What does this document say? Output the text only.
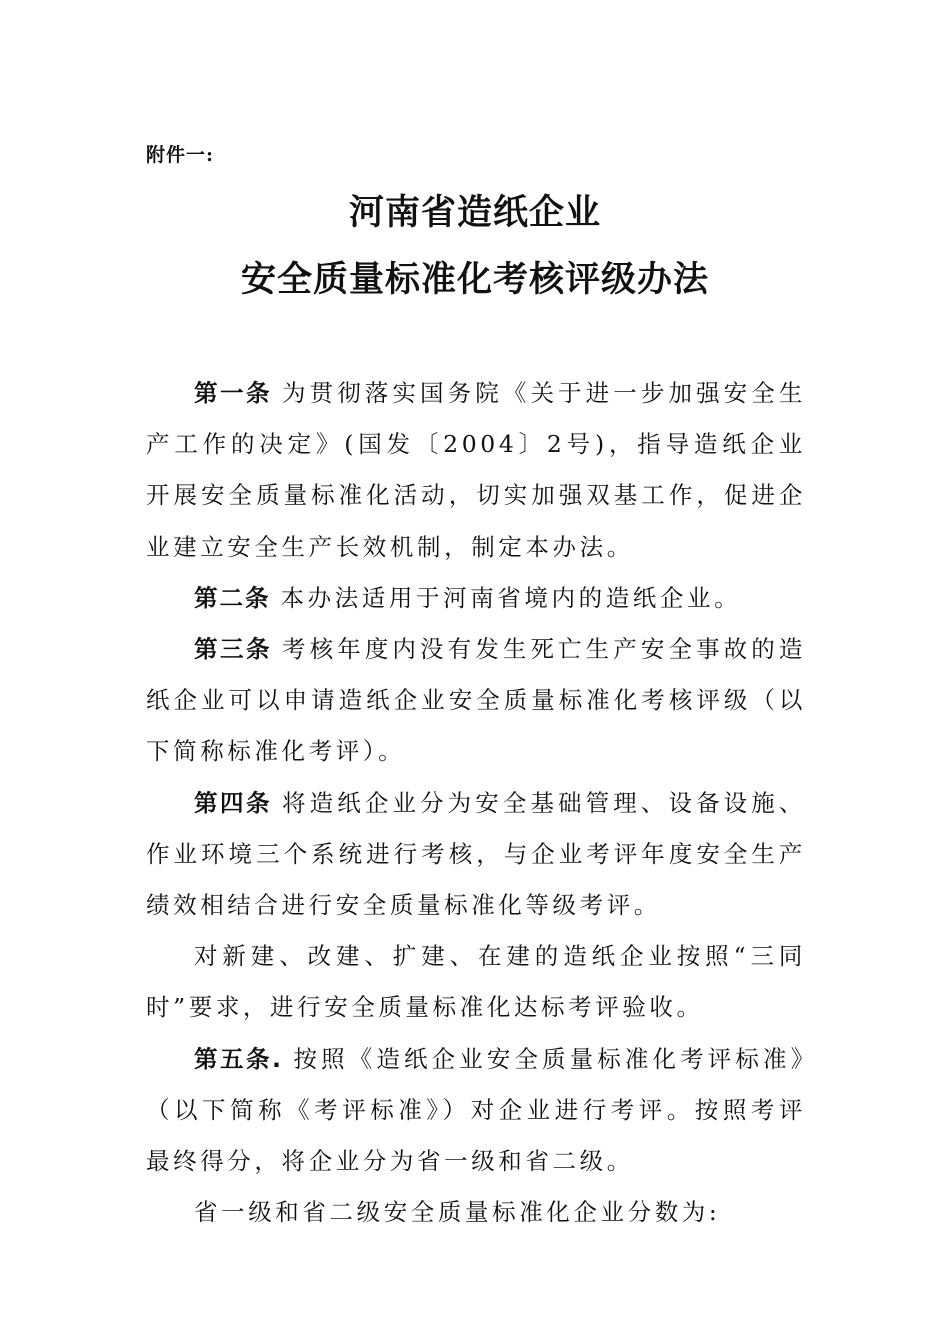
附件一:
河南省造纸企业
安全质量标准化考核评级办法

第一条 为贯彻落实国务院《关于进一步加强安全生产工作的决定》(国发〔2004〕2号)，指导造纸企业开展安全质量标准化活动，切实加强双基工作，促进企业建立安全生产长效机制，制定本办法。

第二条 本办法适用于河南省境内的造纸企业。

第三条 考核年度内没有发生死亡生产安全事故的造纸企业可以申请造纸企业安全质量标准化考核评级（以下简称标准化考评）。

第四条 将造纸企业分为安全基础管理、设备设施、作业环境三个系统进行考核，与企业考评年度安全生产绩效相结合进行安全质量标准化等级考评。

对新建、改建、扩建、在建的造纸企业按照“三同时”要求，进行安全质量标准化达标考评验收。

第五条. 按照《造纸企业安全质量标准化考评标准》（以下简称《考评标准》）对企业进行考评。按照考评最终得分，将企业分为省一级和省二级。

省一级和省二级安全质量标准化企业分数为:
